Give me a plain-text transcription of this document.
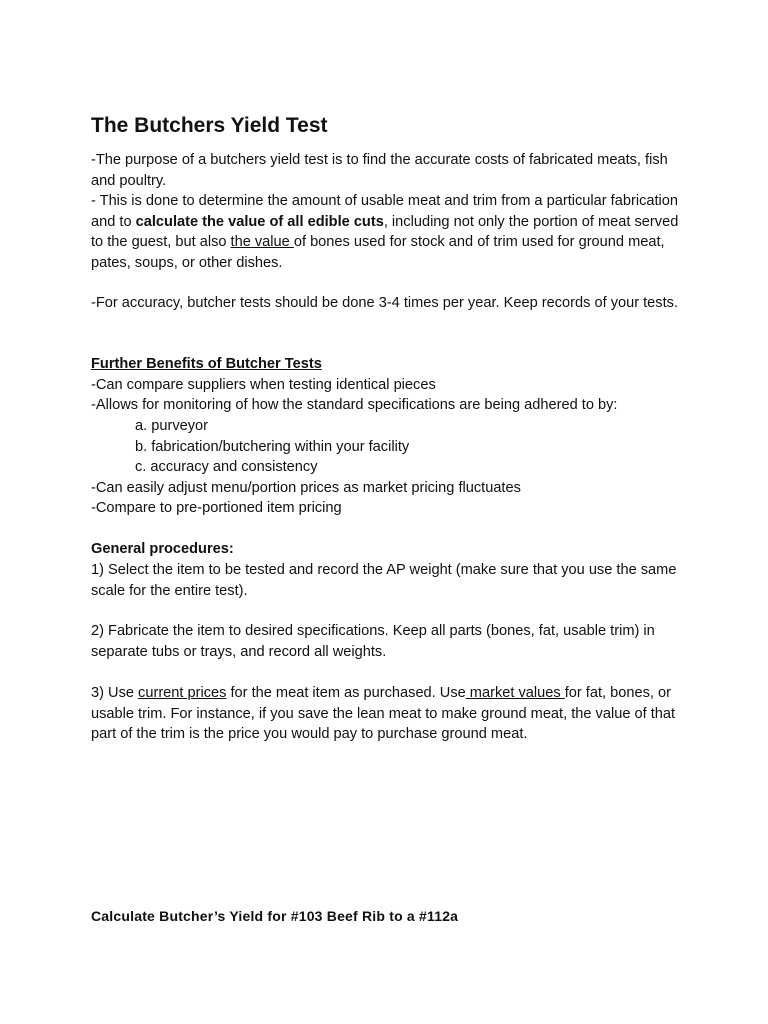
The Butchers Yield Test
-The purpose of a butchers yield test is to find the accurate costs of fabricated meats, fish and poultry.
- This is done to determine the amount of usable meat and trim from a particular fabrication and to calculate the value of all edible cuts, including not only the portion of meat served to the guest, but also the value of bones used for stock and of trim used for ground meat, pates, soups, or other dishes.
-For accuracy, butcher tests should be done 3-4 times per year. Keep records of your tests.
Further Benefits of Butcher Tests
-Can compare suppliers when testing identical pieces
-Allows for monitoring of how the standard specifications are being adhered to by:
a. purveyor
b. fabrication/butchering within your facility
c. accuracy and consistency
-Can easily adjust menu/portion prices as market pricing fluctuates
-Compare to pre-portioned item pricing
General procedures:
1) Select the item to be tested and record the AP weight (make sure that you use the same scale for the entire test).
2) Fabricate the item to desired specifications. Keep all parts (bones, fat, usable trim) in separate tubs or trays, and record all weights.
3) Use current prices for the meat item as purchased. Use market values for fat, bones, or usable trim. For instance, if you save the lean meat to make ground meat, the value of that part of the trim is the price you would pay to purchase ground meat.
Calculate Butcher’s Yield for #103 Beef Rib to a #112a
